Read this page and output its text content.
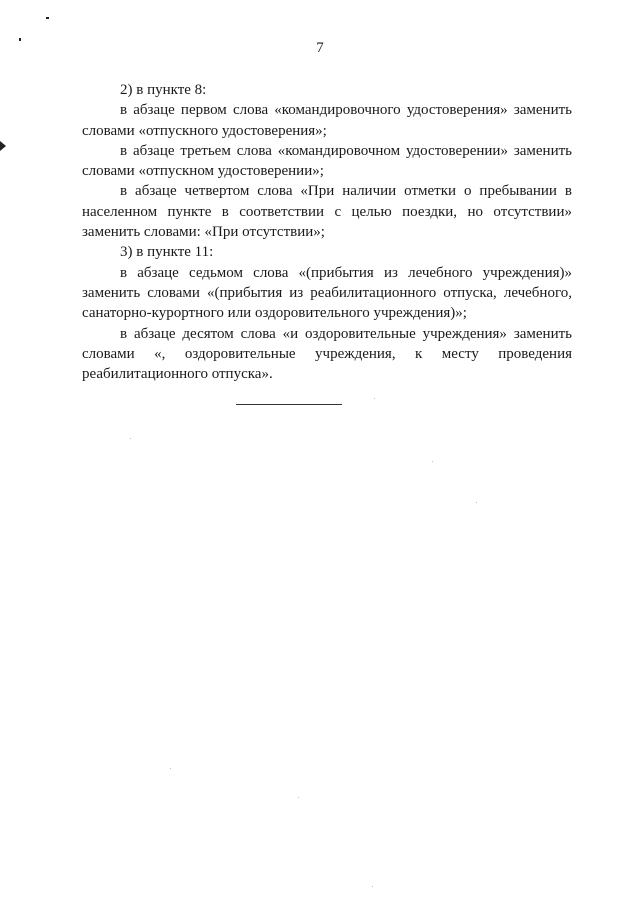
7

2) в пункте 8:

в абзаце первом слова «командировочного удостоверения» заменить словами «отпускного удостоверения»;

в абзаце третьем слова «командировочном удостоверении» заменить словами «отпускном удостоверении»;

в абзаце четвертом слова «При наличии отметки о пребывании в населенном пункте в соответствии с целью поездки, но отсутствии» заменить словами: «При отсутствии»;

3) в пункте 11:

в абзаце седьмом слова «(прибытия из лечебного учреждения)» заменить словами «(прибытия из реабилитационного отпуска, лечебного, санаторно-курортного или оздоровительного учреждения)»;

в абзаце десятом слова «и оздоровительные учреждения» заменить словами «, оздоровительные учреждения, к месту проведения реабилитационного отпуска».
